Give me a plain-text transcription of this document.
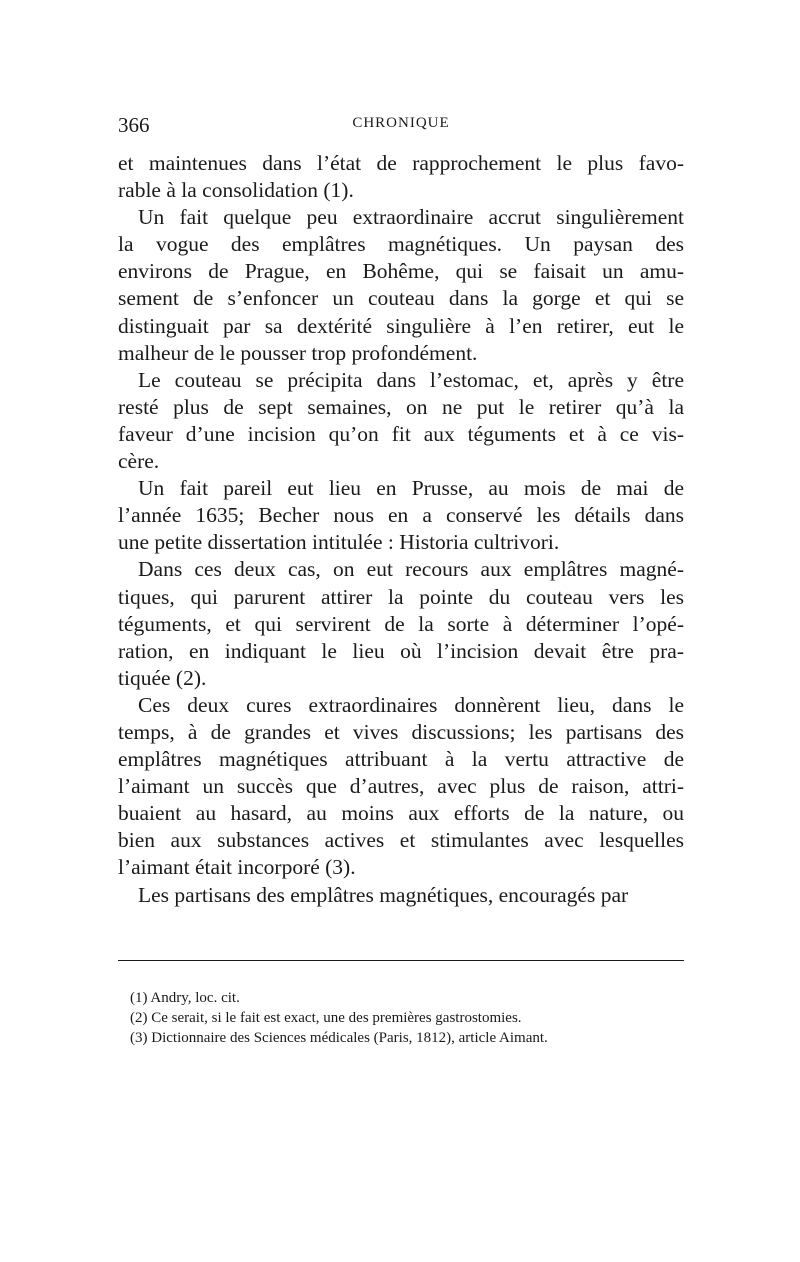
366	CHRONIQUE
et maintenues dans l’état de rapprochement le plus favo-
rable à la consolidation (1).
Un fait quelque peu extraordinaire accrut singulièrement
la vogue des emplâtres magnétiques. Un paysan des
environs de Prague, en Bohême, qui se faisait un amu-
sement de s’enfoncer un couteau dans la gorge et qui se
distinguait par sa dextérité singulière à l’en retirer, eut le
malheur de le pousser trop profondément.
Le couteau se précipita dans l’estomac, et, après y être
resté plus de sept semaines, on ne put le retirer qu’à la
faveur d’une incision qu’on fit aux téguments et à ce vis-
cère.
Un fait pareil eut lieu en Prusse, au mois de mai de
l’année 1635; Becher nous en a conservé les détails dans
une petite dissertation intitulée : Historia cultrivori.
Dans ces deux cas, on eut recours aux emplâtres magné-
tiques, qui parurent attirer la pointe du couteau vers les
téguments, et qui servirent de la sorte à déterminer l’opé-
ration, en indiquant le lieu où l’incision devait être pra-
tiquée (2).
Ces deux cures extraordinaires donnèrent lieu, dans le
temps, à de grandes et vives discussions; les partisans des
emplâtres magnétiques attribuant à la vertu attractive de
l’aimant un succès que d’autres, avec plus de raison, attri-
buaient au hasard, au moins aux efforts de la nature, ou
bien aux substances actives et stimulantes avec lesquelles
l’aimant était incorporé (3).
Les partisans des emplâtres magnétiques, encouragés par

(1) Andry, loc. cit.

(2) Ce serait, si le fait est exact, une des premières gastrostomies.

(3) Dictionnaire des Sciences médicales (Paris, 1812), article Aimant.
